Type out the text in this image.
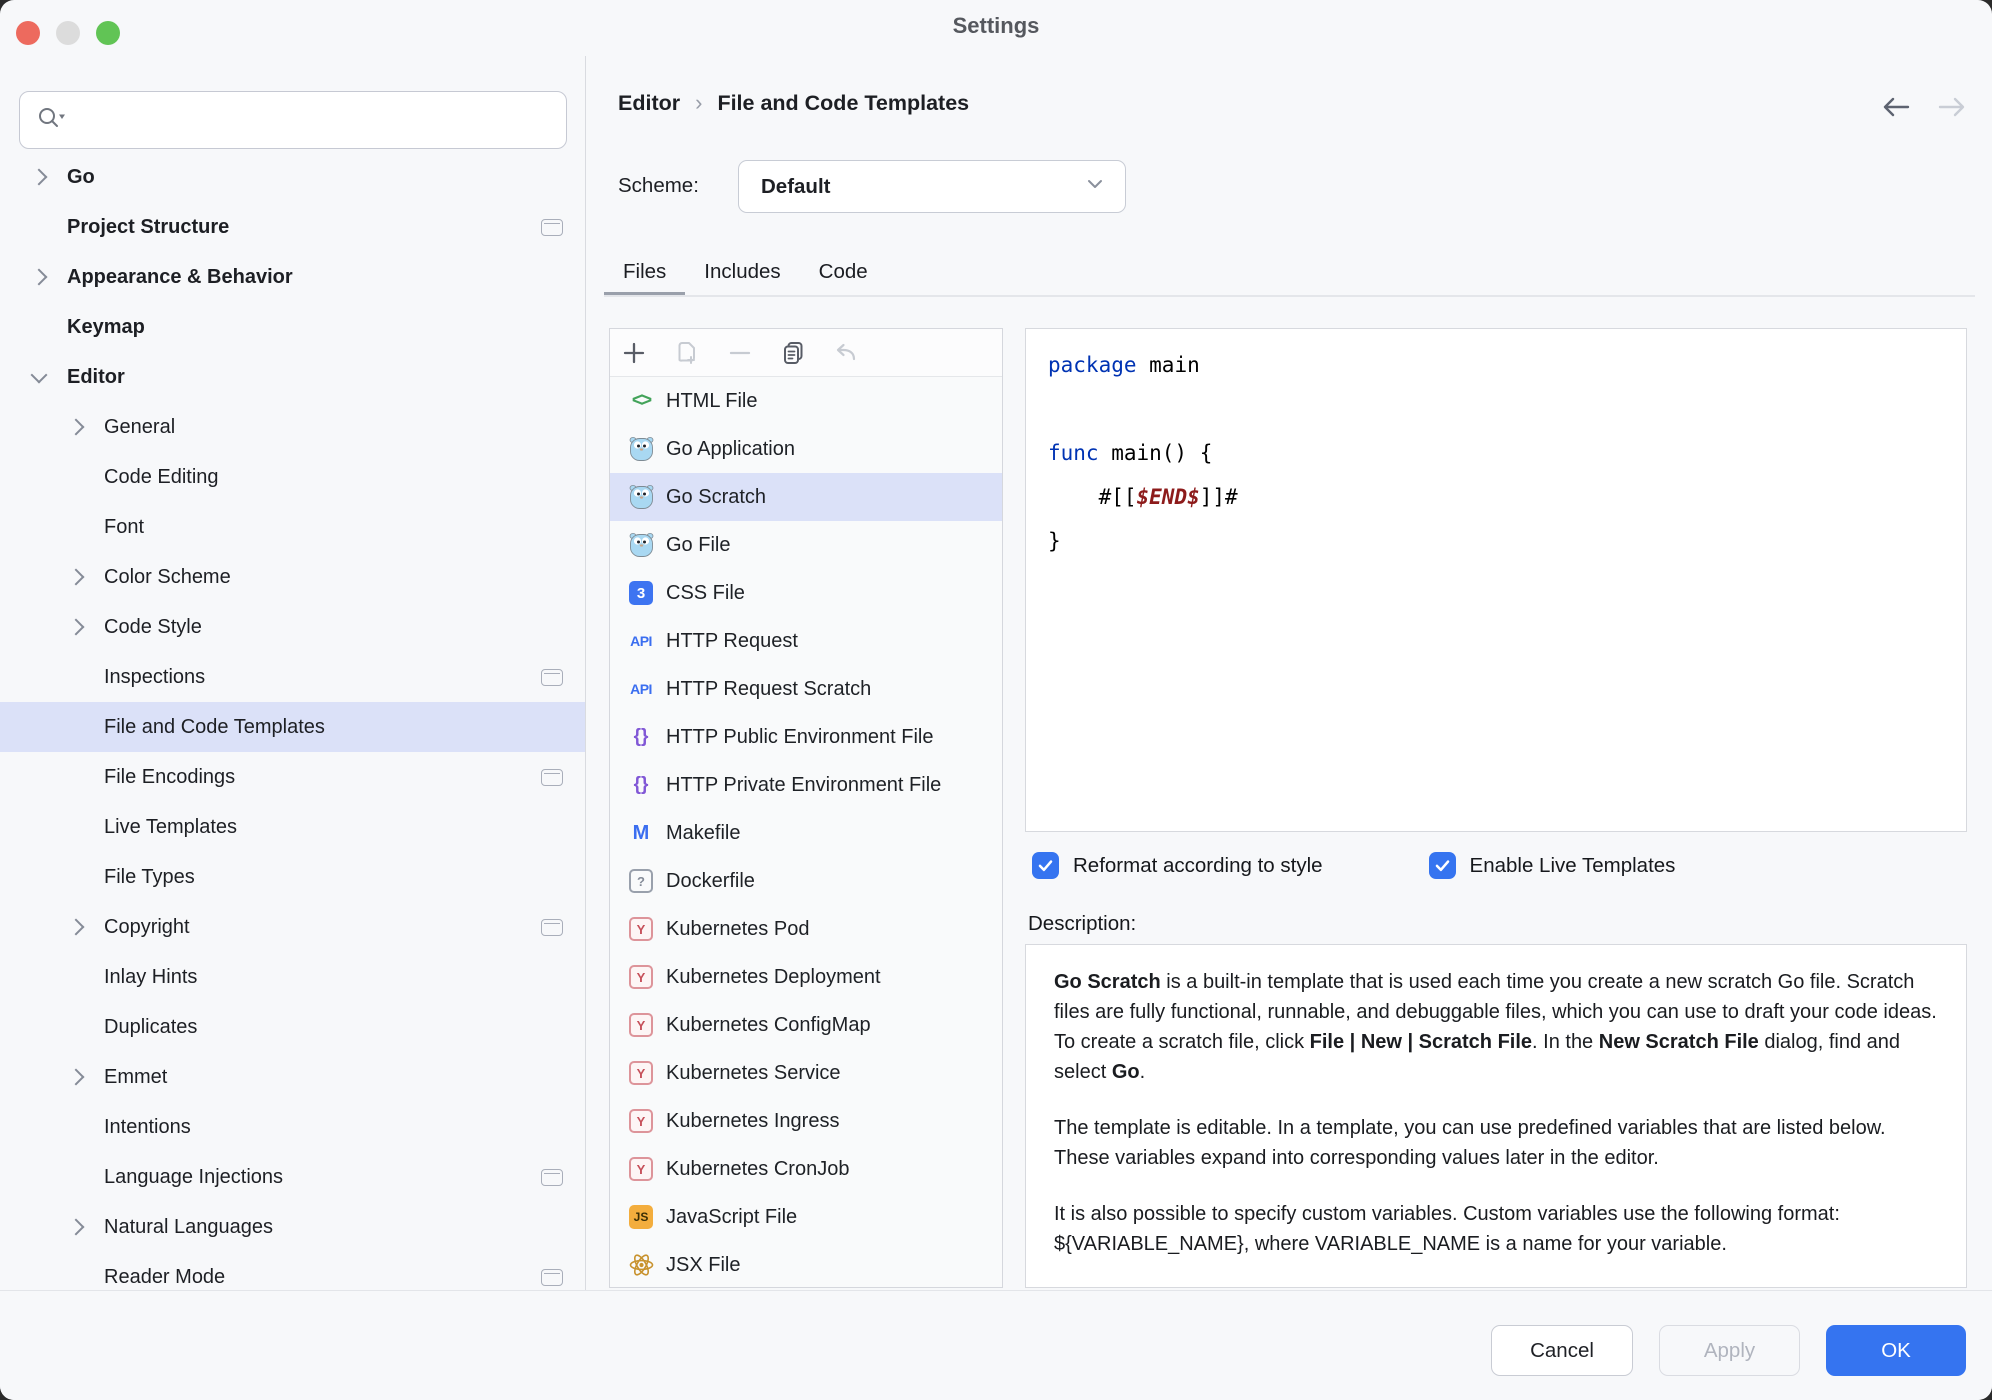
Settings
Go
Project Structure
Appearance & Behavior
Keymap
Editor
General
Code Editing
Font
Color Scheme
Code Style
Inspections
File and Code Templates
File Encodings
Live Templates
File Types
Copyright
Inlay Hints
Duplicates
Emmet
Intentions
Language Injections
Natural Languages
Reader Mode
Editor › File and Code Templates
Scheme:	Default
Files	Includes	Code
<> HTML File
Go Application
Go Scratch
Go File
3	CSS File
API HTTP Request
API HTTP Request Scratch
{} HTTP Public Environment File
{} HTTP Private Environment File
M Makefile
?	Dockerfile
Y	Kubernetes Pod
Y	Kubernetes Deployment
Y	Kubernetes ConfigMap
Y	Kubernetes Service
Y	Kubernetes Ingress
Y	Kubernetes CronJob
JS JavaScript File
JSX File
package main

func main() {
#[[$END$]]#
}
Reformat according to style	Enable Live Templates
Description:

Go Scratch is a built-in template that is used each time you create a new scratch Go file. Scratch files are fully functional, runnable, and debuggable files, which you can use to draft your code ideas. To create a scratch file, click File | New | Scratch File. In the New Scratch File dialog, find and select Go.

The template is editable. In a template, you can use predefined variables that are listed below. These variables expand into corresponding values later in the editor.

It is also possible to specify custom variables. Custom variables use the following format: ${VARIABLE_NAME}, where VARIABLE_NAME is a name for your variable.

Cancel	Apply	OK
